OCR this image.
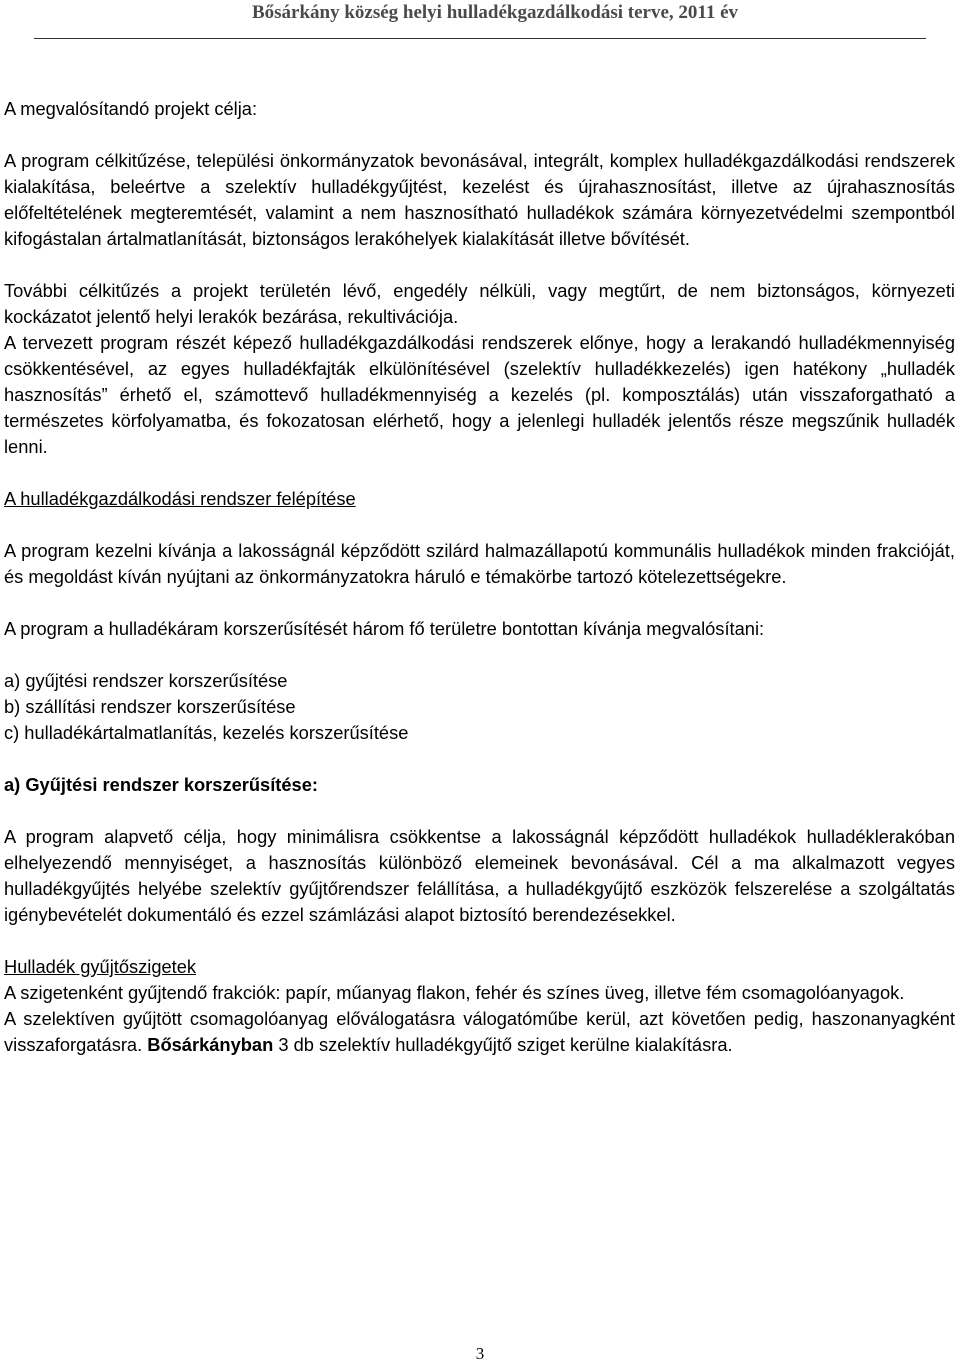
Bősárkány község helyi hulladékgazdálkodási terve, 2011 év

A megvalósítandó projekt célja:

A program célkitűzése, települési önkormányzatok bevonásával, integrált, komplex hulladékgazdálkodási rendszerek kialakítása, beleértve a szelektív hulladékgyűjtést, kezelést és újrahasznosítást, illetve az újrahasznosítás előfeltételének megteremtését, valamint a nem hasznosítható hulladékok számára környezetvédelmi szempontból kifogástalan ártalmatlanítását, biztonságos lerakóhelyek kialakítását illetve bővítését.

További célkitűzés a projekt területén lévő, engedély nélküli, vagy megtűrt, de nem biztonságos, környezeti kockázatot jelentő helyi lerakók bezárása, rekultivációja.

A tervezett program részét képező hulladékgazdálkodási rendszerek előnye, hogy a lerakandó hulladékmennyiség csökkentésével, az egyes hulladékfajták elkülönítésével (szelektív hulladékkezelés) igen hatékony „hulladék hasznosítás” érhető el, számottevő hulladékmennyiség a kezelés (pl. komposztálás) után visszaforgatható a természetes körfolyamatba, és fokozatosan elérhető, hogy a jelenlegi hulladék jelentős része megszűnik hulladék lenni.

A hulladékgazdálkodási rendszer felépítése

A program kezelni kívánja a lakosságnál képződött szilárd halmazállapotú kommunális hulladékok minden frakcióját, és megoldást kíván nyújtani az önkormányzatokra háruló e témakörbe tartozó kötelezettségekre.

A program a hulladékáram korszerűsítését három fő területre bontottan kívánja megvalósítani:

a) gyűjtési rendszer korszerűsítése

b) szállítási rendszer korszerűsítése

c) hulladékártalmatlanítás, kezelés korszerűsítése

a) Gyűjtési rendszer korszerűsítése:

A program alapvető célja, hogy minimálisra csökkentse a lakosságnál képződött hulladékok hulladéklerakóban elhelyezendő mennyiséget, a hasznosítás különböző elemeinek bevonásával. Cél a ma alkalmazott vegyes hulladékgyűjtés helyébe szelektív gyűjtőrendszer felállítása, a hulladékgyűjtő eszközök felszerelése a szolgáltatás igénybevételét dokumentáló és ezzel számlázási alapot biztosító berendezésekkel.

Hulladék gyűjtőszigetek

A szigetenként gyűjtendő frakciók: papír, műanyag flakon, fehér és színes üveg, illetve fém csomagolóanyagok.

A szelektíven gyűjtött csomagolóanyag előválogatásra válogatóműbe kerül, azt követően pedig, haszonanyagként visszaforgatásra. Bősárkányban 3 db szelektív hulladékgyűjtő sziget kerülne kialakításra.

3
